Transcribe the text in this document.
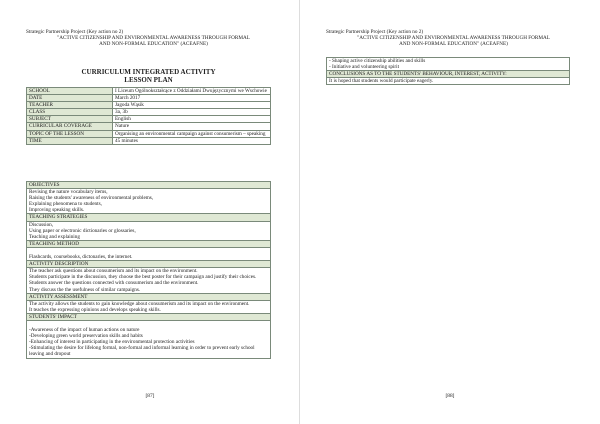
Strategic Partnership Project (Key action no 2)
"ACTIVE CITIZENSHIP AND ENVIRONMENTAL AWARENESS THROUGH FORMAL
AND NON-FORMAL EDUCATION" (ACEAFNE)
CURRICULUM INTEGRATED ACTIVITY
LESSON PLAN
SCHOOL	I Liceum Ogólnokształcące z Oddziałami Dwujęzycznymi we Wschowie
DATE	March 2017
TEACHER	Jagoda Wąsik
CLASS	3a, 3b
SUBJECT	English
CURRICULAR COVERAGE	Nature
TOPIC OF THE LESSON	Organising an environmental campaign against consumerism – speaking
TIME	45 minutes
OBJECTIVES
Revising the nature vocabulary items,
Raising the students' awareness of environmental problems,
Explaining phenomena to students,
Improving speaking skills.
TEACHING STRATEGIES
Discussion,
Using paper or electronic dictionaries or glossaries,
Teaching and explaining
TEACHING METHOD

Flashcards, coursebooks, dictonaries, the internet.
ACTIVITY DESCRIPTION
The teacher ask questions about consumerism and its impact on the environment.
Students participate in the discussion, they choose the best poster for their campaign and justify their choices.
Students answer the questions connected with consumerism and the environment.
They discuss the the usefulness of similar campaigns.
ACTIVITY ASSESSMENT
The activity allows the students to gain knowledge about consumerism and its impact on the environment.
It teaches the expressing opinions and develops speaking skills.
STUDENTS' IMPACT

-Awareness of the impact of human actions on nature
-Developing green world preservation skills and habits
-Enhancing of interest in participating in the environmental protection activities
-Stimulating the desire for lifelong formal, non-formal and informal learning in order to prevent early school leaving and dropout
[87]
Strategic Partnership Project (Key action no 2)
"ACTIVE CITIZENSHIP AND ENVIRONMENTAL AWARENESS THROUGH FORMAL
AND NON-FORMAL EDUCATION" (ACEAFNE)
- Shaping active citizenship abilities and skills
- Initiative and volunteering spirit
CONCLUSIONS AS TO THE STUDENTS' BEHAVIOUR, INTEREST, ACTIVITY:
It is hoped that students would participate eagerly.
[88]
